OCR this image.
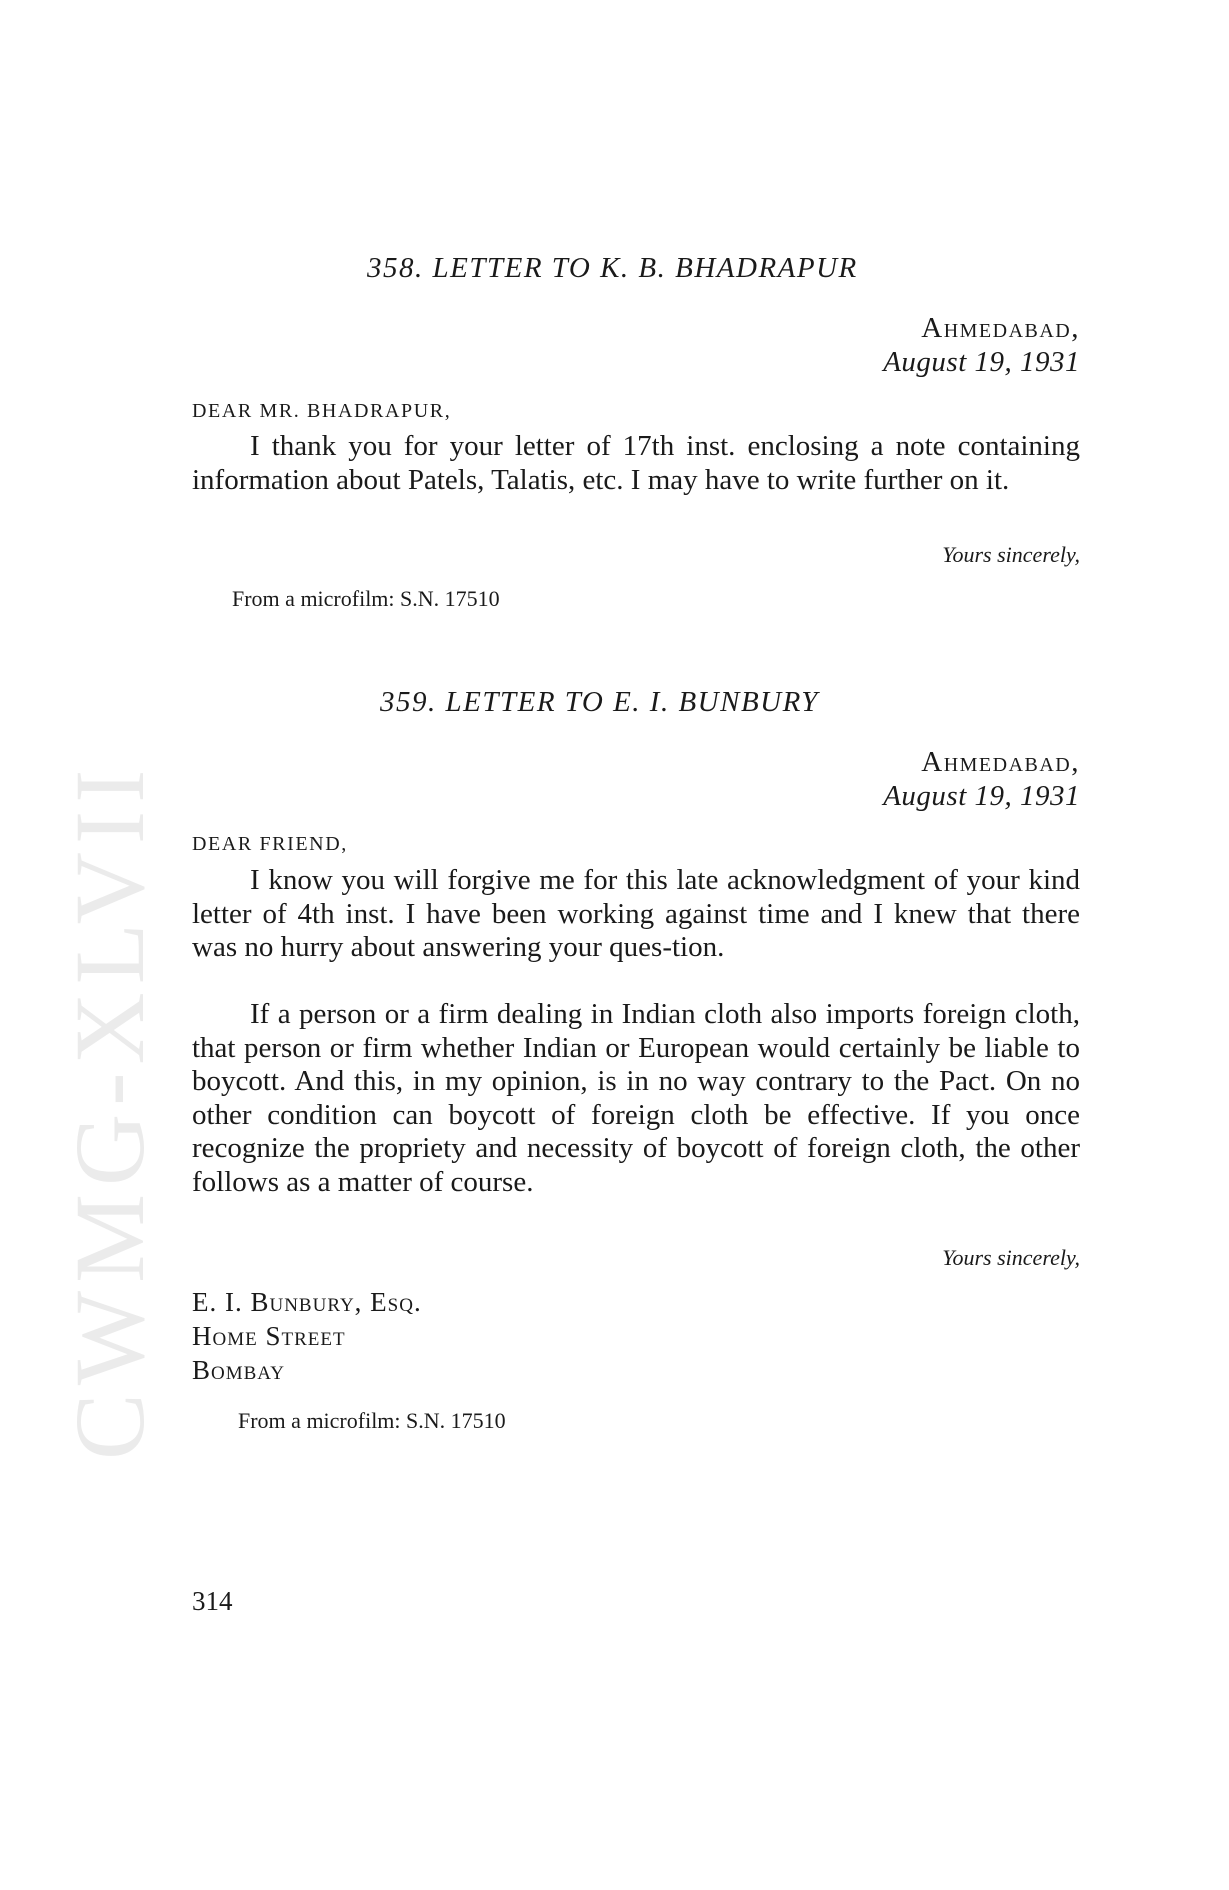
CWMG-XLVII
358. LETTER TO K. B. BHADRAPUR
Ahmedabad,
August 19, 1931
DEAR MR. BHADRAPUR,

I thank you for your letter of 17th inst. enclosing a note containing information about Patels, Talatis, etc. I may have to write further on it.

Yours sincerely,
From a microfilm: S.N. 17510
359. LETTER TO E. I. BUNBURY
Ahmedabad,
August 19, 1931
DEAR FRIEND,

I know you will forgive me for this late acknowledgment of your kind letter of 4th inst. I have been working against time and I knew that there was no hurry about answering your ques-tion.

If a person or a firm dealing in Indian cloth also imports foreign cloth, that person or firm whether Indian or European would certainly be liable to boycott. And this, in my opinion, is in no way contrary to the Pact. On no other condition can boycott of foreign cloth be effective. If you once recognize the propriety and necessity of boycott of foreign cloth, the other follows as a matter of course.

Yours sincerely,
E. I. Bunbury, Esq.
Home Street
Bombay
From a microfilm: S.N. 17510
314
